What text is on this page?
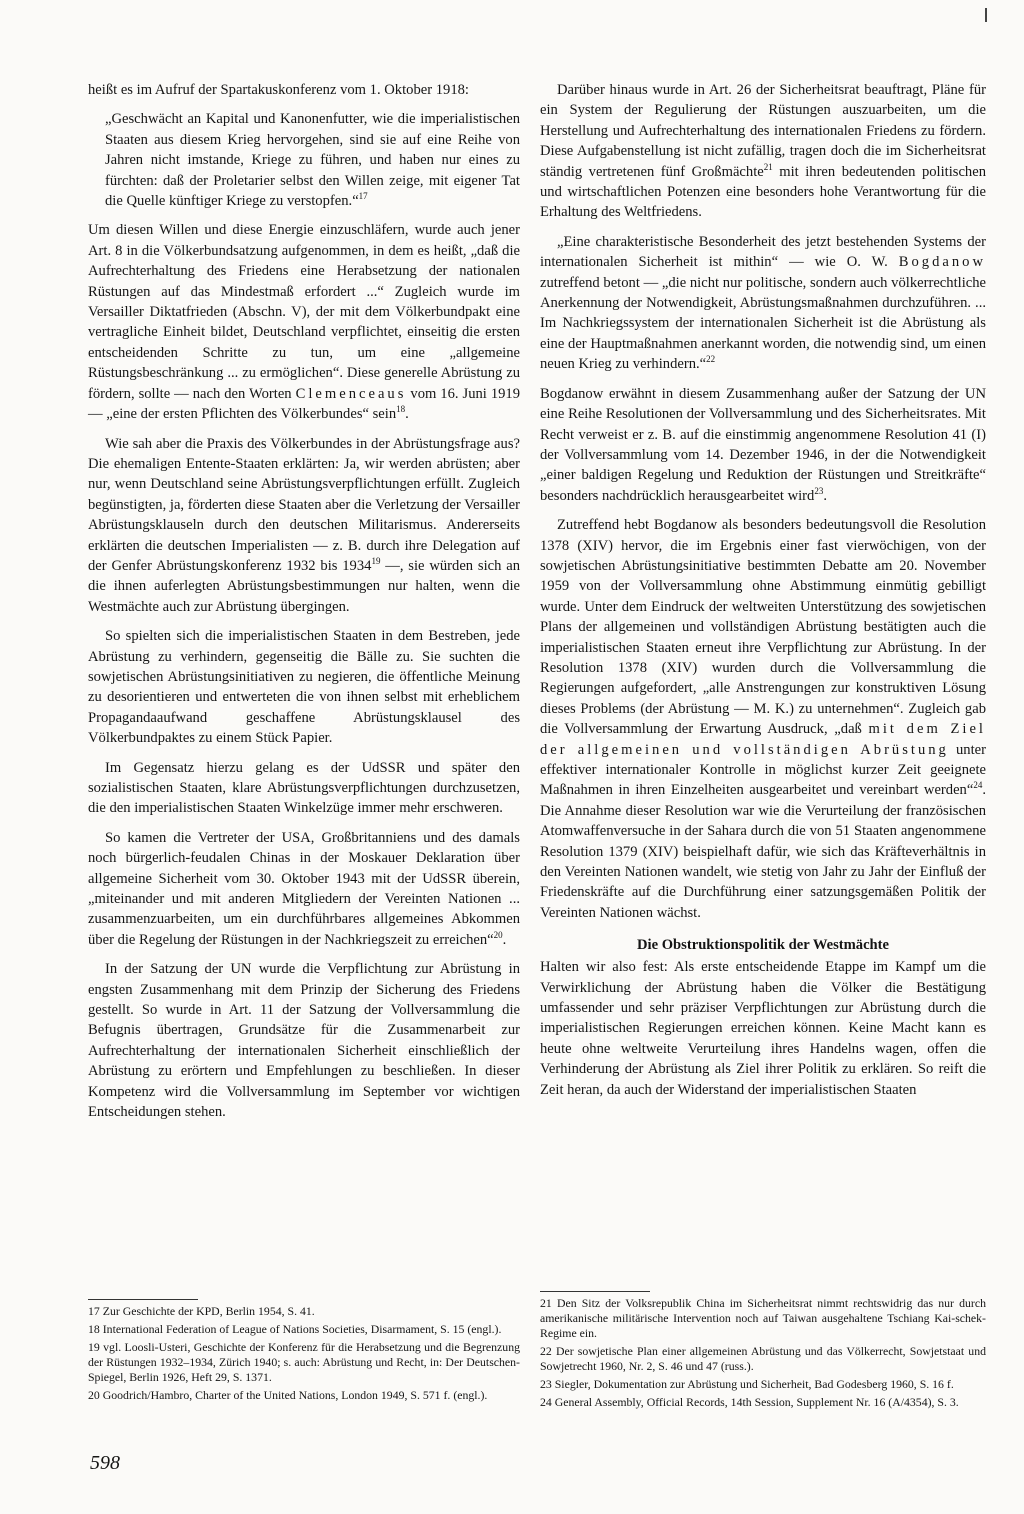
heißt es im Aufruf der Spartakuskonferenz vom 1. Oktober 1918:

„Geschwächt an Kapital und Kanonenfutter, wie die imperialistischen Staaten aus diesem Krieg hervorgehen, sind sie auf eine Reihe von Jahren nicht imstande, Kriege zu führen, und haben nur eines zu fürchten: daß der Proletarier selbst den Willen zeige, mit eigener Tat die Quelle künftiger Kriege zu verstopfen.“$^{17}$

Um diesen Willen und diese Energie einzuschläfern, wurde auch jener Art. 8 in die Völkerbundsatzung aufgenommen, in dem es heißt, „daß die Aufrechterhaltung des Friedens eine Herabsetzung der nationalen Rüstungen auf das Mindestmaß erfordert ...“ Zugleich wurde im Versailler Diktatfrieden (Abschn. V), der mit dem Völkerbundpakt eine vertragliche Einheit bildet, Deutschland verpflichtet, einseitig die ersten entscheidenden Schritte zu tun, um eine „allgemeine Rüstungsbeschränkung ... zu ermöglichen“. Diese generelle Abrüstung zu fördern, sollte — nach den Worten Clemenceaus vom 16. Juni 1919 — „eine der ersten Pflichten des Völkerbundes“ sein$^{18}$.

Wie sah aber die Praxis des Völkerbundes in der Abrüstungsfrage aus? Die ehemaligen Entente-Staaten erklärten: Ja, wir werden abrüsten; aber nur, wenn Deutschland seine Abrüstungsverpflichtungen erfüllt. Zugleich begünstigten, ja, förderten diese Staaten aber die Verletzung der Versailler Abrüstungsklauseln durch den deutschen Militarismus. Andererseits erklärten die deutschen Imperialisten — z. B. durch ihre Delegation auf der Genfer Abrüstungskonferenz 1932 bis 1934$^{19}$ —, sie würden sich an die ihnen auferlegten Abrüstungsbestimmungen nur halten, wenn die Westmächte auch zur Abrüstung übergingen.

So spielten sich die imperialistischen Staaten in dem Bestreben, jede Abrüstung zu verhindern, gegenseitig die Bälle zu. Sie suchten die sowjetischen Abrüstungsinitiativen zu negieren, die öffentliche Meinung zu desorientieren und entwerteten die von ihnen selbst mit erheblichem Propagandaaufwand geschaffene Abrüstungsklausel des Völkerbundpaktes zu einem Stück Papier.

Im Gegensatz hierzu gelang es der UdSSR und später den sozialistischen Staaten, klare Abrüstungsverpflichtungen durchzusetzen, die den imperialistischen Staaten Winkelzüge immer mehr erschweren.

So kamen die Vertreter der USA, Großbritanniens und des damals noch bürgerlich-feudalen Chinas in der Moskauer Deklaration über allgemeine Sicherheit vom 30. Oktober 1943 mit der UdSSR überein, „miteinander und mit anderen Mitgliedern der Vereinten Nationen ... zusammenzuarbeiten, um ein durchführbares allgemeines Abkommen über die Regelung der Rüstungen in der Nachkriegszeit zu erreichen“$^{20}$.

In der Satzung der UN wurde die Verpflichtung zur Abrüstung in engsten Zusammenhang mit dem Prinzip der Sicherung des Friedens gestellt. So wurde in Art. 11 der Satzung der Vollversammlung die Befugnis übertragen, Grundsätze für die Zusammenarbeit zur Aufrechterhaltung der internationalen Sicherheit einschließlich der Abrüstung zu erörtern und Empfehlungen zu beschließen. In dieser Kompetenz wird die Vollversammlung im September vor wichtigen Entscheidungen stehen.

Darüber hinaus wurde in Art. 26 der Sicherheitsrat beauftragt, Pläne für ein System der Regulierung der Rüstungen auszuarbeiten, um die Herstellung und Aufrechterhaltung des internationalen Friedens zu fördern. Diese Aufgabenstellung ist nicht zufällig, tragen doch die im Sicherheitsrat ständig vertretenen fünf Großmächte$^{21}$ mit ihren bedeutenden politischen und wirtschaftlichen Potenzen eine besonders hohe Verantwortung für die Erhaltung des Weltfriedens.

„Eine charakteristische Besonderheit des jetzt bestehenden Systems der internationalen Sicherheit ist mithin“ — wie O. W. Bogdanow zutreffend betont — „die nicht nur politische, sondern auch völkerrechtliche Anerkennung der Notwendigkeit, Abrüstungsmaßnahmen durchzuführen. ... Im Nachkriegssystem der internationalen Sicherheit ist die Abrüstung als eine der Hauptmaßnahmen anerkannt worden, die notwendig sind, um einen neuen Krieg zu verhindern.“$^{22}$

Bogdanow erwähnt in diesem Zusammenhang außer der Satzung der UN eine Reihe Resolutionen der Vollversammlung und des Sicherheitsrates. Mit Recht verweist er z. B. auf die einstimmig angenommene Resolution 41 (I) der Vollversammlung vom 14. Dezember 1946, in der die Notwendigkeit „einer baldigen Regelung und Reduktion der Rüstungen und Streitkräfte“ besonders nachdrücklich herausgearbeitet wird$^{23}$.

Zutreffend hebt Bogdanow als besonders bedeutungsvoll die Resolution 1378 (XIV) hervor, die im Ergebnis einer fast vierwöchigen, von der sowjetischen Abrüstungsinitiative bestimmten Debatte am 20. November 1959 von der Vollversammlung ohne Abstimmung einmütig gebilligt wurde. Unter dem Eindruck der weltweiten Unterstützung des sowjetischen Plans der allgemeinen und vollständigen Abrüstung bestätigten auch die imperialistischen Staaten erneut ihre Verpflichtung zur Abrüstung. In der Resolution 1378 (XIV) wurden durch die Vollversammlung die Regierungen aufgefordert, „alle Anstrengungen zur konstruktiven Lösung dieses Problems (der Abrüstung — M. K.) zu unternehmen“. Zugleich gab die Vollversammlung der Erwartung Ausdruck, „daß mit dem Ziel der allgemeinen und vollständigen Abrüstung unter effektiver internationaler Kontrolle in möglichst kurzer Zeit geeignete Maßnahmen in ihren Einzelheiten ausgearbeitet und vereinbart werden“$^{24}$. Die Annahme dieser Resolution war wie die Verurteilung der französischen Atomwaffenversuche in der Sahara durch die von 51 Staaten angenommene Resolution 1379 (XIV) beispielhaft dafür, wie sich das Kräfteverhältnis in den Vereinten Nationen wandelt, wie stetig von Jahr zu Jahr der Einfluß der Friedenskräfte auf die Durchführung einer satzungsgemäßen Politik der Vereinten Nationen wächst.

Die Obstruktionspolitik der Westmächte

Halten wir also fest: Als erste entscheidende Etappe im Kampf um die Verwirklichung der Abrüstung haben die Völker die Bestätigung umfassender und sehr präziser Verpflichtungen zur Abrüstung durch die imperialistischen Regierungen erreichen können. Keine Macht kann es heute ohne weltweite Verurteilung ihres Handelns wagen, offen die Verhinderung der Abrüstung als Ziel ihrer Politik zu erklären. So reift die Zeit heran, da auch der Widerstand der imperialistischen Staaten

17 Zur Geschichte der KPD, Berlin 1954, S. 41.
18 International Federation of League of Nations Societies, Disarmament, S. 15 (engl.).
19 vgl. Loosli-Usteri, Geschichte der Konferenz für die Herabsetzung und die Begrenzung der Rüstungen 1932–1934, Zürich 1940; s. auch: Abrüstung und Recht, in: Der Deutschen-Spiegel, Berlin 1926, Heft 29, S. 1371.
20 Goodrich/Hambro, Charter of the United Nations, London 1949, S. 571 f. (engl.).
21 Den Sitz der Volksrepublik China im Sicherheitsrat nimmt rechtswidrig das nur durch amerikanische militärische Intervention noch auf Taiwan ausgehaltene Tschiang Kai-schek-Regime ein.
22 Der sowjetische Plan einer allgemeinen Abrüstung und das Völkerrecht, Sowjetstaat und Sowjetrecht 1960, Nr. 2, S. 46 und 47 (russ.).
23 Siegler, Dokumentation zur Abrüstung und Sicherheit, Bad Godesberg 1960, S. 16 f.
24 General Assembly, Official Records, 14th Session, Supplement Nr. 16 (A/4354), S. 3.
598
